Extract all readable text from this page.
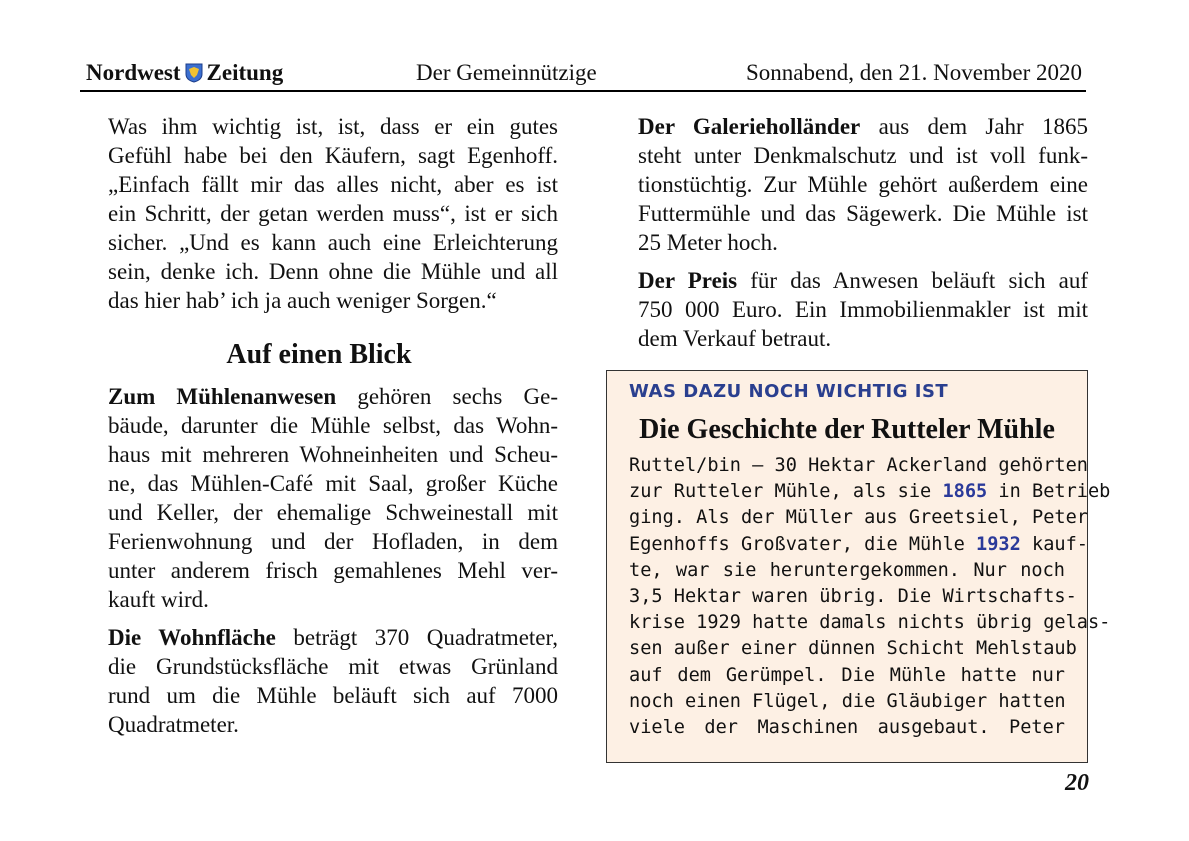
Nordwest Zeitung	Der Gemeinnützige	Sonnabend, den 21. November 2020

Was ihm wichtig ist, ist, dass er ein gutes
Gefühl habe bei den Käufern, sagt Egenhoff.
„Einfach fällt mir das alles nicht, aber es ist
ein Schritt, der getan werden muss“, ist er sich
sicher. „Und es kann auch eine Erleichterung
sein, denke ich. Denn ohne die Mühle und all
das hier hab’ ich ja auch weniger Sorgen.“

Auf einen Blick

Zum Mühlenanwesen gehören sechs Ge-
bäude, darunter die Mühle selbst, das Wohn-
haus mit mehreren Wohneinheiten und Scheu-
ne, das Mühlen-Café mit Saal, großer Küche
und Keller, der ehemalige Schweinestall mit
Ferienwohnung und der Hofladen, in dem
unter anderem frisch gemahlenes Mehl ver-
kauft wird.

Die Wohnfläche beträgt 370 Quadratmeter,
die Grundstücksfläche mit etwas Grünland
rund um die Mühle beläuft sich auf 7000
Quadratmeter.

Der Galerieholländer aus dem Jahr 1865
steht unter Denkmalschutz und ist voll funk-
tionstüchtig. Zur Mühle gehört außerdem eine
Futtermühle und das Sägewerk. Die Mühle ist
25 Meter hoch.

Der Preis für das Anwesen beläuft sich auf
750 000 Euro. Ein Immobilienmakler ist mit
dem Verkauf betraut.

WAS DAZU NOCH WICHTIG IST
Die Geschichte der Rutteler Mühle
Ruttel/bin – 30 Hektar Ackerland gehörten
zur Rutteler Mühle, als sie 1865 in Betrieb
ging. Als der Müller aus Greetsiel, Peter
Egenhoffs Großvater, die Mühle 1932 kauf-
te, war sie heruntergekommen. Nur noch
3,5 Hektar waren übrig. Die Wirtschafts-
krise 1929 hatte damals nichts übrig gelas-
sen außer einer dünnen Schicht Mehlstaub
auf dem Gerümpel. Die Mühle hatte nur
noch einen Flügel, die Gläubiger hatten
viele der Maschinen ausgebaut. Peter
20
